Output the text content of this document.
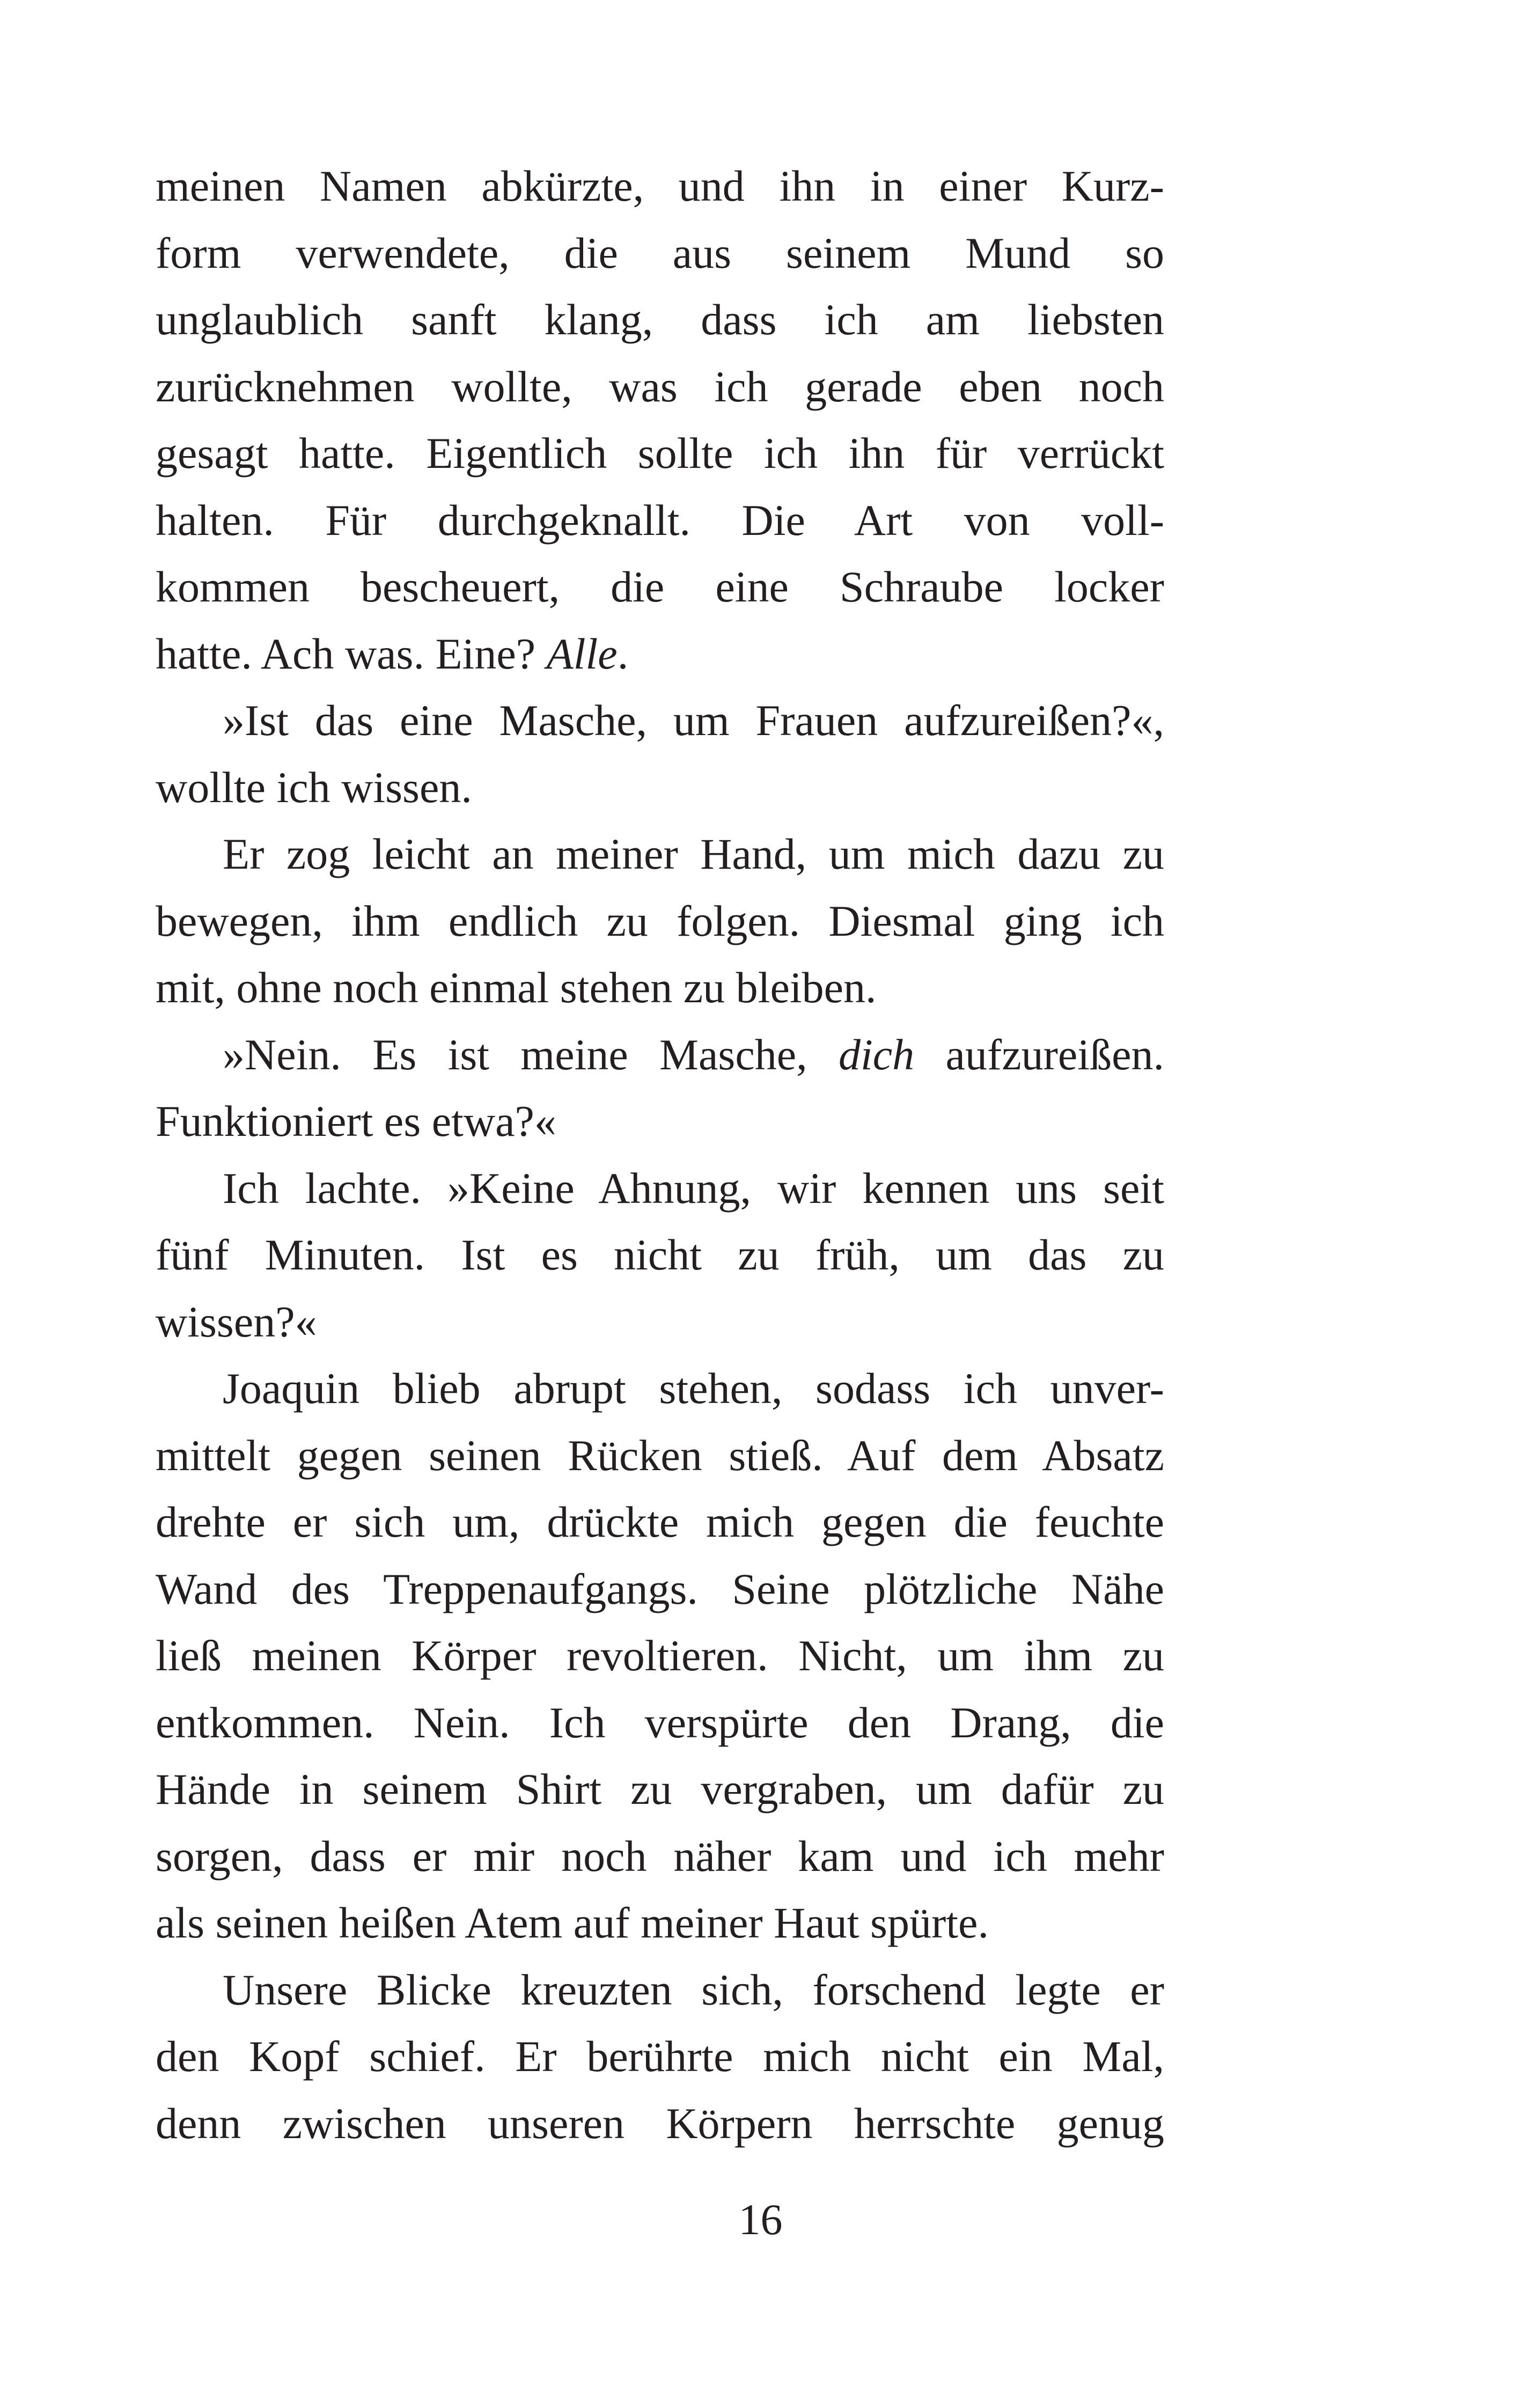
meinen Namen abkürzte, und ihn in einer Kurz-
form verwendete, die aus seinem Mund so
unglaublich sanft klang, dass ich am liebsten
zurücknehmen wollte, was ich gerade eben noch
gesagt hatte. Eigentlich sollte ich ihn für verrückt
halten. Für durchgeknallt. Die Art von voll-
kommen bescheuert, die eine Schraube locker
hatte. Ach was. Eine? Alle.
»Ist das eine Masche, um Frauen aufzureißen?«,
wollte ich wissen.
Er zog leicht an meiner Hand, um mich dazu zu
bewegen, ihm endlich zu folgen. Diesmal ging ich
mit, ohne noch einmal stehen zu bleiben.
»Nein. Es ist meine Masche, dich aufzureißen.
Funktioniert es etwa?«
Ich lachte. »Keine Ahnung, wir kennen uns seit
fünf Minuten. Ist es nicht zu früh, um das zu
wissen?«
Joaquin blieb abrupt stehen, sodass ich unver-
mittelt gegen seinen Rücken stieß. Auf dem Absatz
drehte er sich um, drückte mich gegen die feuchte
Wand des Treppenaufgangs. Seine plötzliche Nähe
ließ meinen Körper revoltieren. Nicht, um ihm zu
entkommen. Nein. Ich verspürte den Drang, die
Hände in seinem Shirt zu vergraben, um dafür zu
sorgen, dass er mir noch näher kam und ich mehr
als seinen heißen Atem auf meiner Haut spürte.
Unsere Blicke kreuzten sich, forschend legte er
den Kopf schief. Er berührte mich nicht ein Mal,
denn zwischen unseren Körpern herrschte genug
16
